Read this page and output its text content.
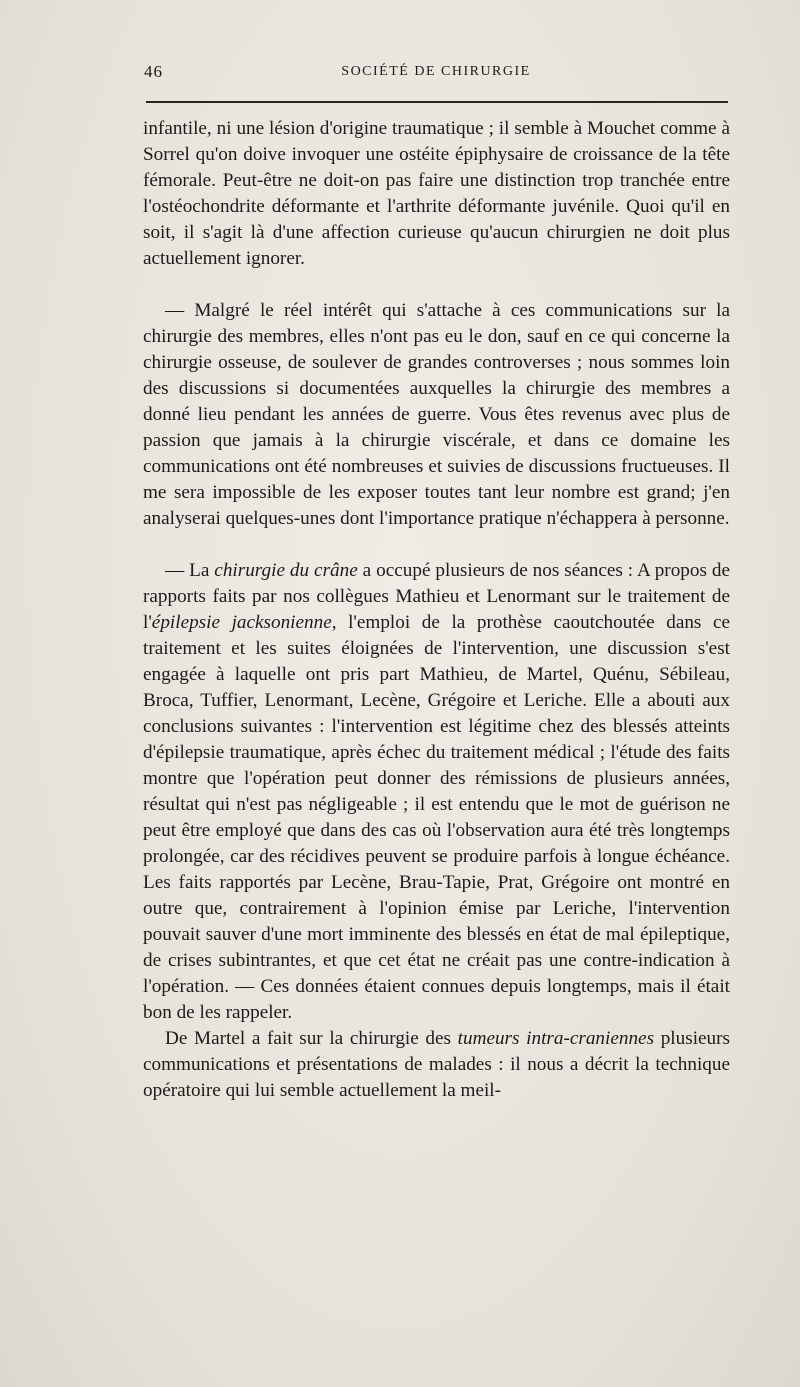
46	SOCIÉTÉ DE CHIRURGIE

infantile, ni une lésion d'origine traumatique ; il semble à Mouchet comme à Sorrel qu'on doive invoquer une ostéite épiphysaire de croissance de la tête fémorale. Peut-être ne doit-on pas faire une distinction trop tranchée entre l'ostéochondrite déformante et l'arthrite déformante juvénile. Quoi qu'il en soit, il s'agit là d'une affection curieuse qu'aucun chirurgien ne doit plus actuellement ignorer.

— Malgré le réel intérêt qui s'attache à ces communications sur la chirurgie des membres, elles n'ont pas eu le don, sauf en ce qui concerne la chirurgie osseuse, de soulever de grandes controverses ; nous sommes loin des discussions si documentées auxquelles la chirurgie des membres a donné lieu pendant les années de guerre. Vous êtes revenus avec plus de passion que jamais à la chirurgie viscérale, et dans ce domaine les communications ont été nombreuses et suivies de discussions fructueuses. Il me sera impossible de les exposer toutes tant leur nombre est grand; j'en analyserai quelques-unes dont l'importance pratique n'échappera à personne.

— La chirurgie du crâne a occupé plusieurs de nos séances : A propos de rapports faits par nos collègues Mathieu et Lenormant sur le traitement de l'épilepsie jacksonienne, l'emploi de la prothèse caoutchoutée dans ce traitement et les suites éloignées de l'intervention, une discussion s'est engagée à laquelle ont pris part Mathieu, de Martel, Quénu, Sébileau, Broca, Tuffier, Lenormant, Lecène, Grégoire et Leriche. Elle a abouti aux conclusions suivantes : l'intervention est légitime chez des blessés atteints d'épilepsie traumatique, après échec du traitement médical ; l'étude des faits montre que l'opération peut donner des rémissions de plusieurs années, résultat qui n'est pas négligeable ; il est entendu que le mot de guérison ne peut être employé que dans des cas où l'observation aura été très longtemps prolongée, car des récidives peuvent se produire parfois à longue échéance. Les faits rapportés par Lecène, Brau-Tapie, Prat, Grégoire ont montré en outre que, contrairement à l'opinion émise par Leriche, l'intervention pouvait sauver d'une mort imminente des blessés en état de mal épileptique, de crises subintrantes, et que cet état ne créait pas une contre-indication à l'opération. — Ces données étaient connues depuis longtemps, mais il était bon de les rappeler.

De Martel a fait sur la chirurgie des tumeurs intra-craniennes plusieurs communications et présentations de malades : il nous a décrit la technique opératoire qui lui semble actuellement la meil-
